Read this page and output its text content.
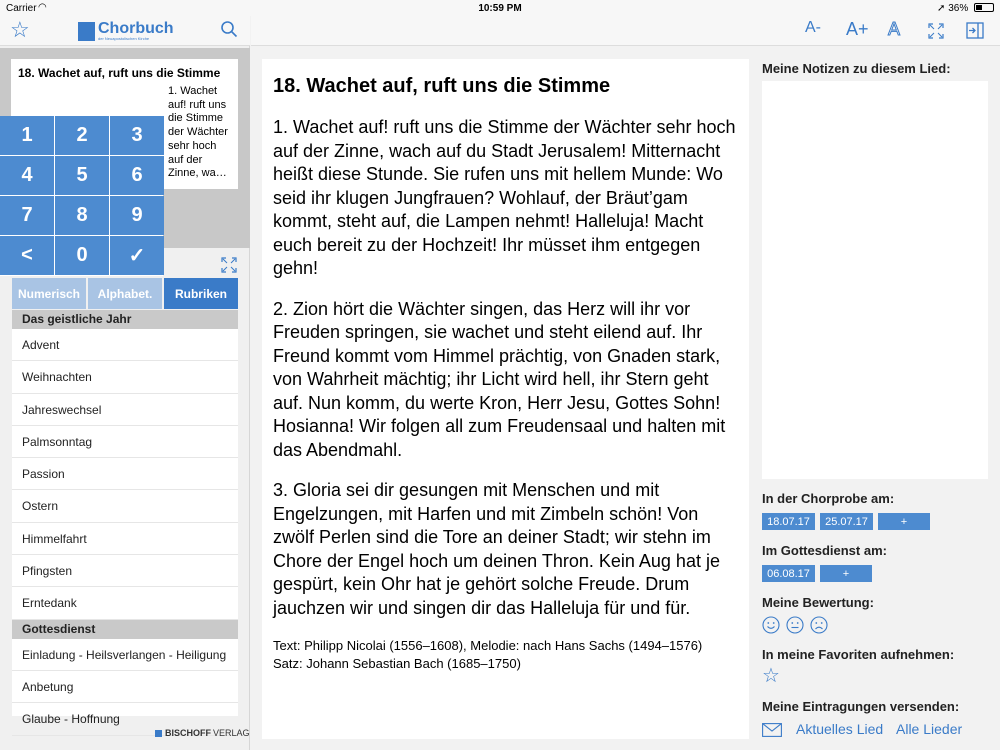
Carrier ◠	10:59 PM	➚ 36%
☆	Chorbuch
der Neuapostolischen Kirche
18. Wachet auf, ruft uns die Stimme
1. Wachet auf! ruft uns die Stimme der Wächter sehr hoch auf der Zinne, wa…
1	2	3
4	5	6
7	8	9
<	0	✓
Numerisch	Alphabet.	Rubriken
Das geistliche Jahr
Advent
Weihnachten
Jahreswechsel
Palmsonntag
Passion
Ostern
Himmelfahrt
Pfingsten
Erntedank
Gottesdienst
Einladung - Heilsverlangen - Heiligung
Anbetung
Glaube - Hoffnung
BISCHOFF VERLAG
A- A+ A
18. Wachet auf, ruft uns die Stimme
1. Wachet auf! ruft uns die Stimme der Wächter sehr hoch auf der Zinne, wach auf du Stadt Jerusalem! Mitternacht heißt diese Stunde. Sie rufen uns mit hellem Munde: Wo seid ihr klugen Jungfrauen? Wohlauf, der Bräut’gam kommt, steht auf, die Lampen nehmt! Halleluja! Macht euch bereit zu der Hochzeit! Ihr müsset ihm entgegen gehn!
2. Zion hört die Wächter singen, das Herz will ihr vor Freuden springen, sie wachet und steht eilend auf. Ihr Freund kommt vom Himmel prächtig, von Gnaden stark, von Wahrheit mächtig; ihr Licht wird hell, ihr Stern geht auf. Nun komm, du werte Kron, Herr Jesu, Gottes Sohn! Hosianna! Wir folgen all zum Freudensaal und halten mit das Abendmahl.
3. Gloria sei dir gesungen mit Menschen und mit Engelzungen, mit Harfen und mit Zimbeln schön! Von zwölf Perlen sind die Tore an deiner Stadt; wir stehn im Chore der Engel hoch um deinen Thron. Kein Aug hat je gespürt, kein Ohr hat je gehört solche Freude. Drum jauchzen wir und singen dir das Halleluja für und für.
Text: Philipp Nicolai (1556–1608), Melodie: nach Hans Sachs (1494–1576)
Satz: Johann Sebastian Bach (1685–1750)
Meine Notizen zu diesem Lied:
In der Chorprobe am:
18.07.17	25.07.17	+
Im Gottesdienst am:
06.08.17	+
Meine Bewertung:
In meine Favoriten aufnehmen:
☆
Meine Eintragungen versenden:
Aktuelles Lied Alle Lieder
